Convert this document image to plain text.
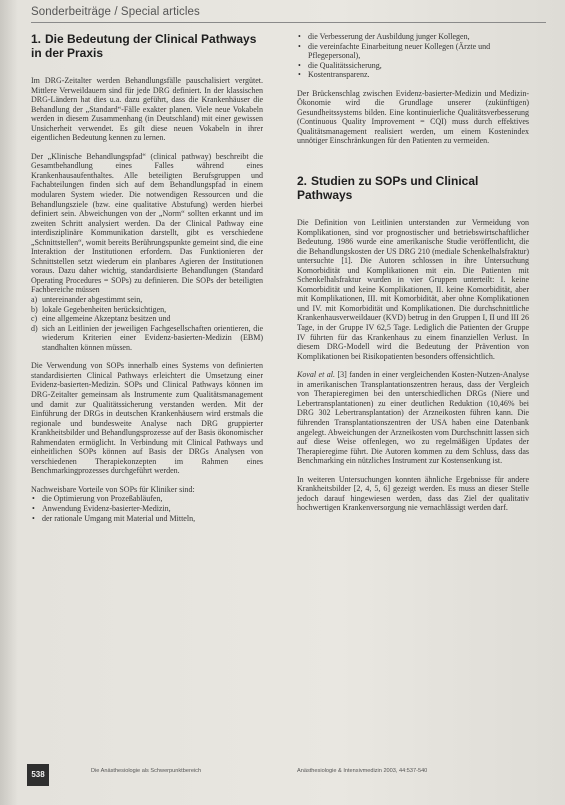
Sonderbeiträge / Special articles
1. Die Bedeutung der Clinical Pathways in der Praxis

Im DRG-Zeitalter werden Behandlungsfälle pauschalisiert vergütet. Mittlere Verweildauern sind für jede DRG definiert. In der klassischen DRG-Ländern hat dies u.a. dazu geführt, dass die Krankenhäuser die Behandlung der „Standard“-Fälle exakter planen. Viele neue Vokabeln werden in diesem Zusammenhang (in Deutschland) mit einer gewissen Unsicherheit verwendet. Es gilt diese neuen Vokabeln in ihrer eigentlichen Bedeutung kennen zu lernen.

Der „Klinische Behandlungspfad“ (clinical pathway) beschreibt die Gesamtbehandlung eines Falles während eines Krankenhausaufenthaltes. Alle beteiligten Berufsgruppen und Fachabteilungen finden sich auf dem Behandlungspfad in einem modularen System wieder. Die notwendigen Ressourcen und die Behandlungsziele (bzw. eine qualitative Abstufung) werden hierbei definiert sein. Abweichungen von der „Norm“ sollten erkannt und im zweiten Schritt analysiert werden. Da der Clinical Pathway eine interdisziplinäre Kommunikation darstellt, gibt es verschiedene „Schnittstellen“, womit bereits Berührungspunkte gemeint sind, die eine Interaktion der Institutionen erfordern. Das Funktionieren der Schnittstellen setzt wiederum ein planbares Agieren der Institutionen voraus. Dazu daher wichtig, standardisierte Behandlungen (Standard Operating Procedures = SOPs) zu definieren. Die SOPs der beteiligten Fachbereiche müssen

a) untereinander abgestimmt sein,
b) lokale Gegebenheiten berücksichtigen,
c) eine allgemeine Akzeptanz besitzen und
d) sich an Leitlinien der jeweiligen Fachgesellschaften orientieren, die wiederum Kriterien einer Evidenz-basierten-Medizin (EBM) standhalten können müssen.

Die Verwendung von SOPs innerhalb eines Systems von definierten standardisierten Clinical Pathways erleichtert die Umsetzung einer Evidenz-basierten-Medizin. SOPs und Clinical Pathways können im DRG-Zeitalter gemeinsam als Instrumente zum Qualitätsmanagement und damit zur Qualitätssicherung verstanden werden. Mit der Einführung der DRGs in deutschen Krankenhäusern wird erstmals die regionale und bundesweite Analyse nach DRG gruppierter Krankheitsbilder und Behandlungsprozesse auf der Basis ökonomischer Rahmendaten ermöglicht. In Verbindung mit Clinical Pathways und einheitlichen SOPs können auf Basis der DRGs Analysen von verschiedenen Therapiekonzepten im Rahmen eines Benchmarkingprozesses durchgeführt werden.

Nachweisbare Vorteile von SOPs für Kliniker sind:

• die Optimierung von Prozeßabläufen,
• Anwendung Evidenz-basierter-Medizin,
• der rationale Umgang mit Material und Mitteln,
• die Verbesserung der Ausbildung junger Kollegen,
• die vereinfachte Einarbeitung neuer Kollegen (Ärzte und Pflegepersonal),
• die Qualitätssicherung,
• Kostentransparenz.

Der Brückenschlag zwischen Evidenz-basierter-Medizin und Medizin-Ökonomie wird die Grundlage unserer (zukünftigen) Gesundheitssystems bilden. Eine kontinuierliche Qualitätsverbesserung (Continuous Quality Improvement = CQI) muss durch effektives Qualitätsmanagement realisiert werden, um einem Kostenindex unnötiger Einschränkungen für den Patienten zu vermeiden.

2. Studien zu SOPs und Clinical Pathways

Die Definition von Leitlinien unterstanden zur Vermeidung von Komplikationen, sind vor prognostischer und betriebswirtschaftlicher Bedeutung. 1986 wurde eine amerikanische Studie veröffentlicht, die die Behandlungskosten der US DRG 210 (mediale Schenkelhalsfraktur) untersuchte [1]. Die Autoren schlossen in ihre Untersuchung Komorbidität und Komplikationen mit ein. Die Patienten mit Schenkelhalsfraktur wurden in vier Gruppen unterteilt: I. keine Komorbidität und keine Komplikationen, II. keine Komorbidität, aber mit Komplikationen, III. mit Komorbidität, aber ohne Komplikationen und IV. mit Komorbidität und Komplikationen. Die durchschnittliche Krankenhausverweildauer (KVD) betrug in den Gruppen I, II und III 26 Tage, in der Gruppe IV 62,5 Tage. Lediglich die Patienten der Gruppe IV führten für das Krankenhaus zu einem finanziellen Verlust. In diesem DRG-Modell wird die Bedeutung der Prävention von Komplikationen bei Risikopatienten besonders offensichtlich.

Koval et al. [3] fanden in einer vergleichenden Kosten-Nutzen-Analyse in amerikanischen Transplantationszentren heraus, dass der Vergleich von Therapieregimen bei den unterschiedlichen DRGs (Niere und Lebertransplantationen) zu einer deutlichen Reduktion (10,46% bei DRG 302 Lebertransplantation) der Arzneikosten führen kann. Die führenden Transplantationszentren der USA haben eine Datenbank angelegt. Abweichungen der Arzneikosten vom Durchschnitt lassen sich auf diese Weise offenlegen, wo zu regelmäßigen Updates der Therapieregime führt. Die Autoren kommen zu dem Schluss, dass das Benchmarking ein nützliches Instrument zur Kostensenkung ist.

In weiteren Untersuchungen konnten ähnliche Ergebnisse für andere Krankheitsbilder [2, 4, 5, 6] gezeigt werden. Es muss an dieser Stelle jedoch darauf hingewiesen werden, dass das Ziel der qualitativ hochwertigen Krankenversorgung nie vernachlässigt werden darf.

538	Die Anästhesiologie als Schwerpunktbereich	Anästhesiologie & Intensivmedizin 2003, 44:537-540
